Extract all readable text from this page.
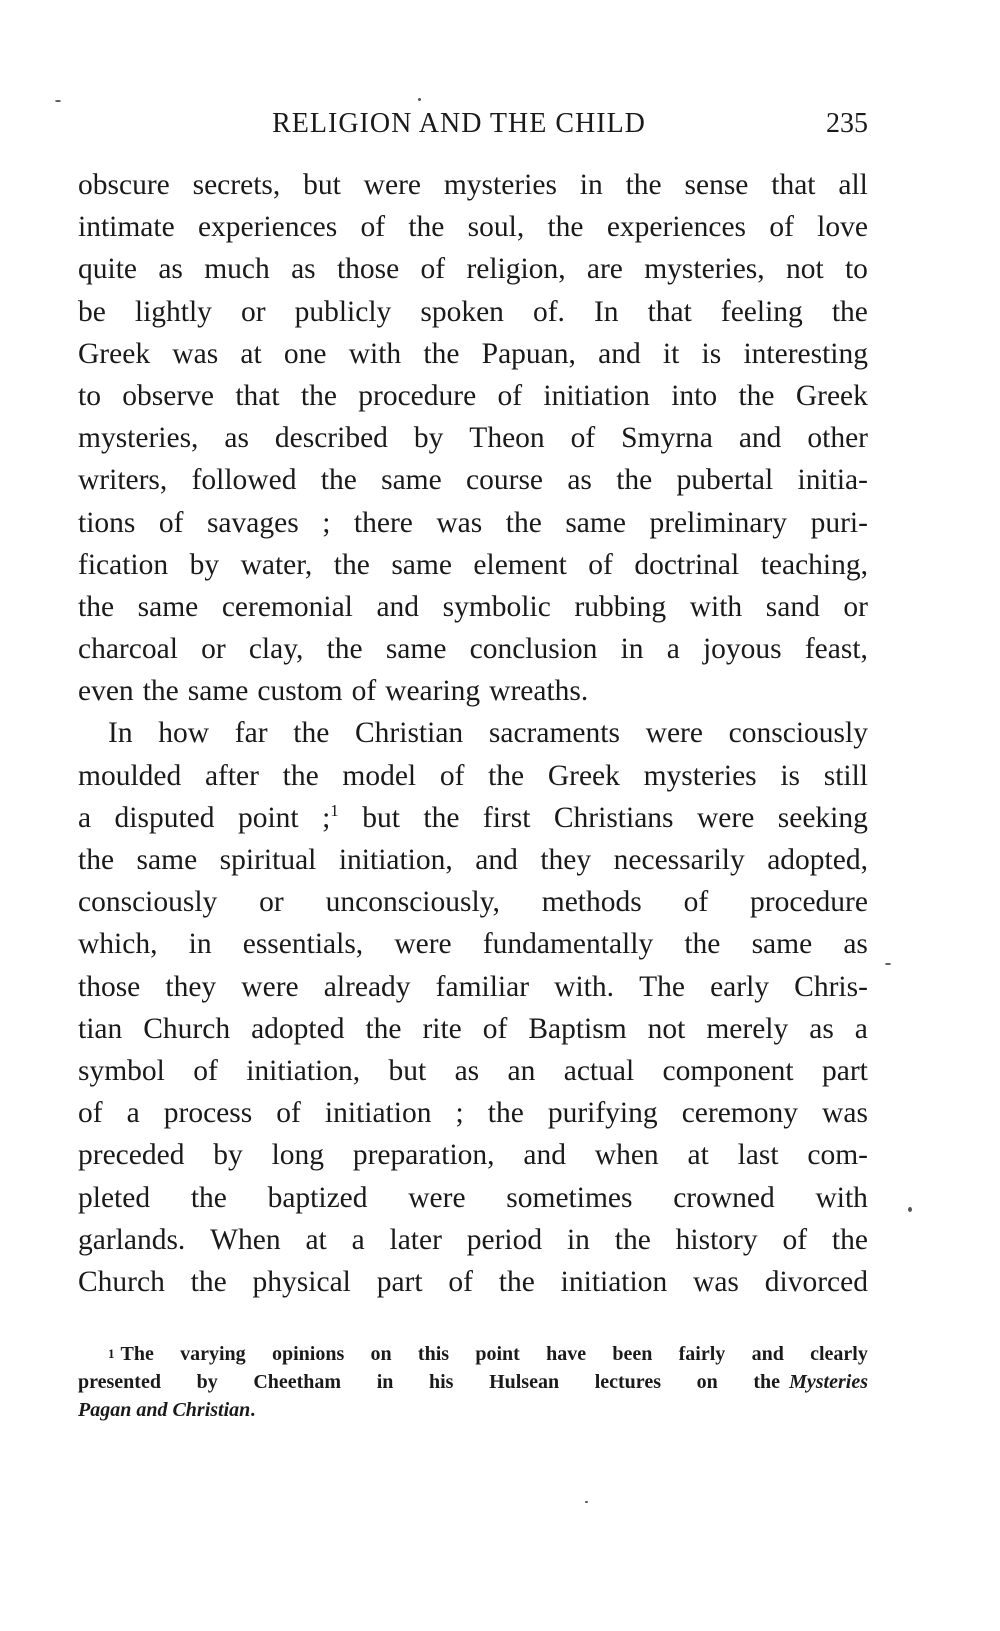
RELIGION AND THE CHILD	235
obscure secrets, but were mysteries in the sense that all
intimate experiences of the soul, the experiences of love
quite as much as those of religion, are mysteries, not to
be lightly or publicly spoken of. In that feeling the
Greek was at one with the Papuan, and it is interesting
to observe that the procedure of initiation into the Greek
mysteries, as described by Theon of Smyrna and other
writers, followed the same course as the pubertal initia-
tions of savages ; there was the same preliminary puri-
fication by water, the same element of doctrinal teaching,
the same ceremonial and symbolic rubbing with sand or
charcoal or clay, the same conclusion in a joyous feast,
even the same custom of wearing wreaths.
In how far the Christian sacraments were consciously
moulded after the model of the Greek mysteries is still
a disputed point ;$^1$ but the first Christians were seeking
the same spiritual initiation, and they necessarily adopted,
consciously or unconsciously, methods of procedure
which, in essentials, were fundamentally the same as
those they were already familiar with. The early Chris-
tian Church adopted the rite of Baptism not merely as a
symbol of initiation, but as an actual component part
of a process of initiation ; the purifying ceremony was
preceded by long preparation, and when at last com-
pleted the baptized were sometimes crowned with
garlands. When at a later period in the history of the
Church the physical part of the initiation was divorced
$^1$ The varying opinions on this point have been fairly and clearly
presented by Cheetham in his Hulsean lectures on the Mysteries
Pagan and Christian .
